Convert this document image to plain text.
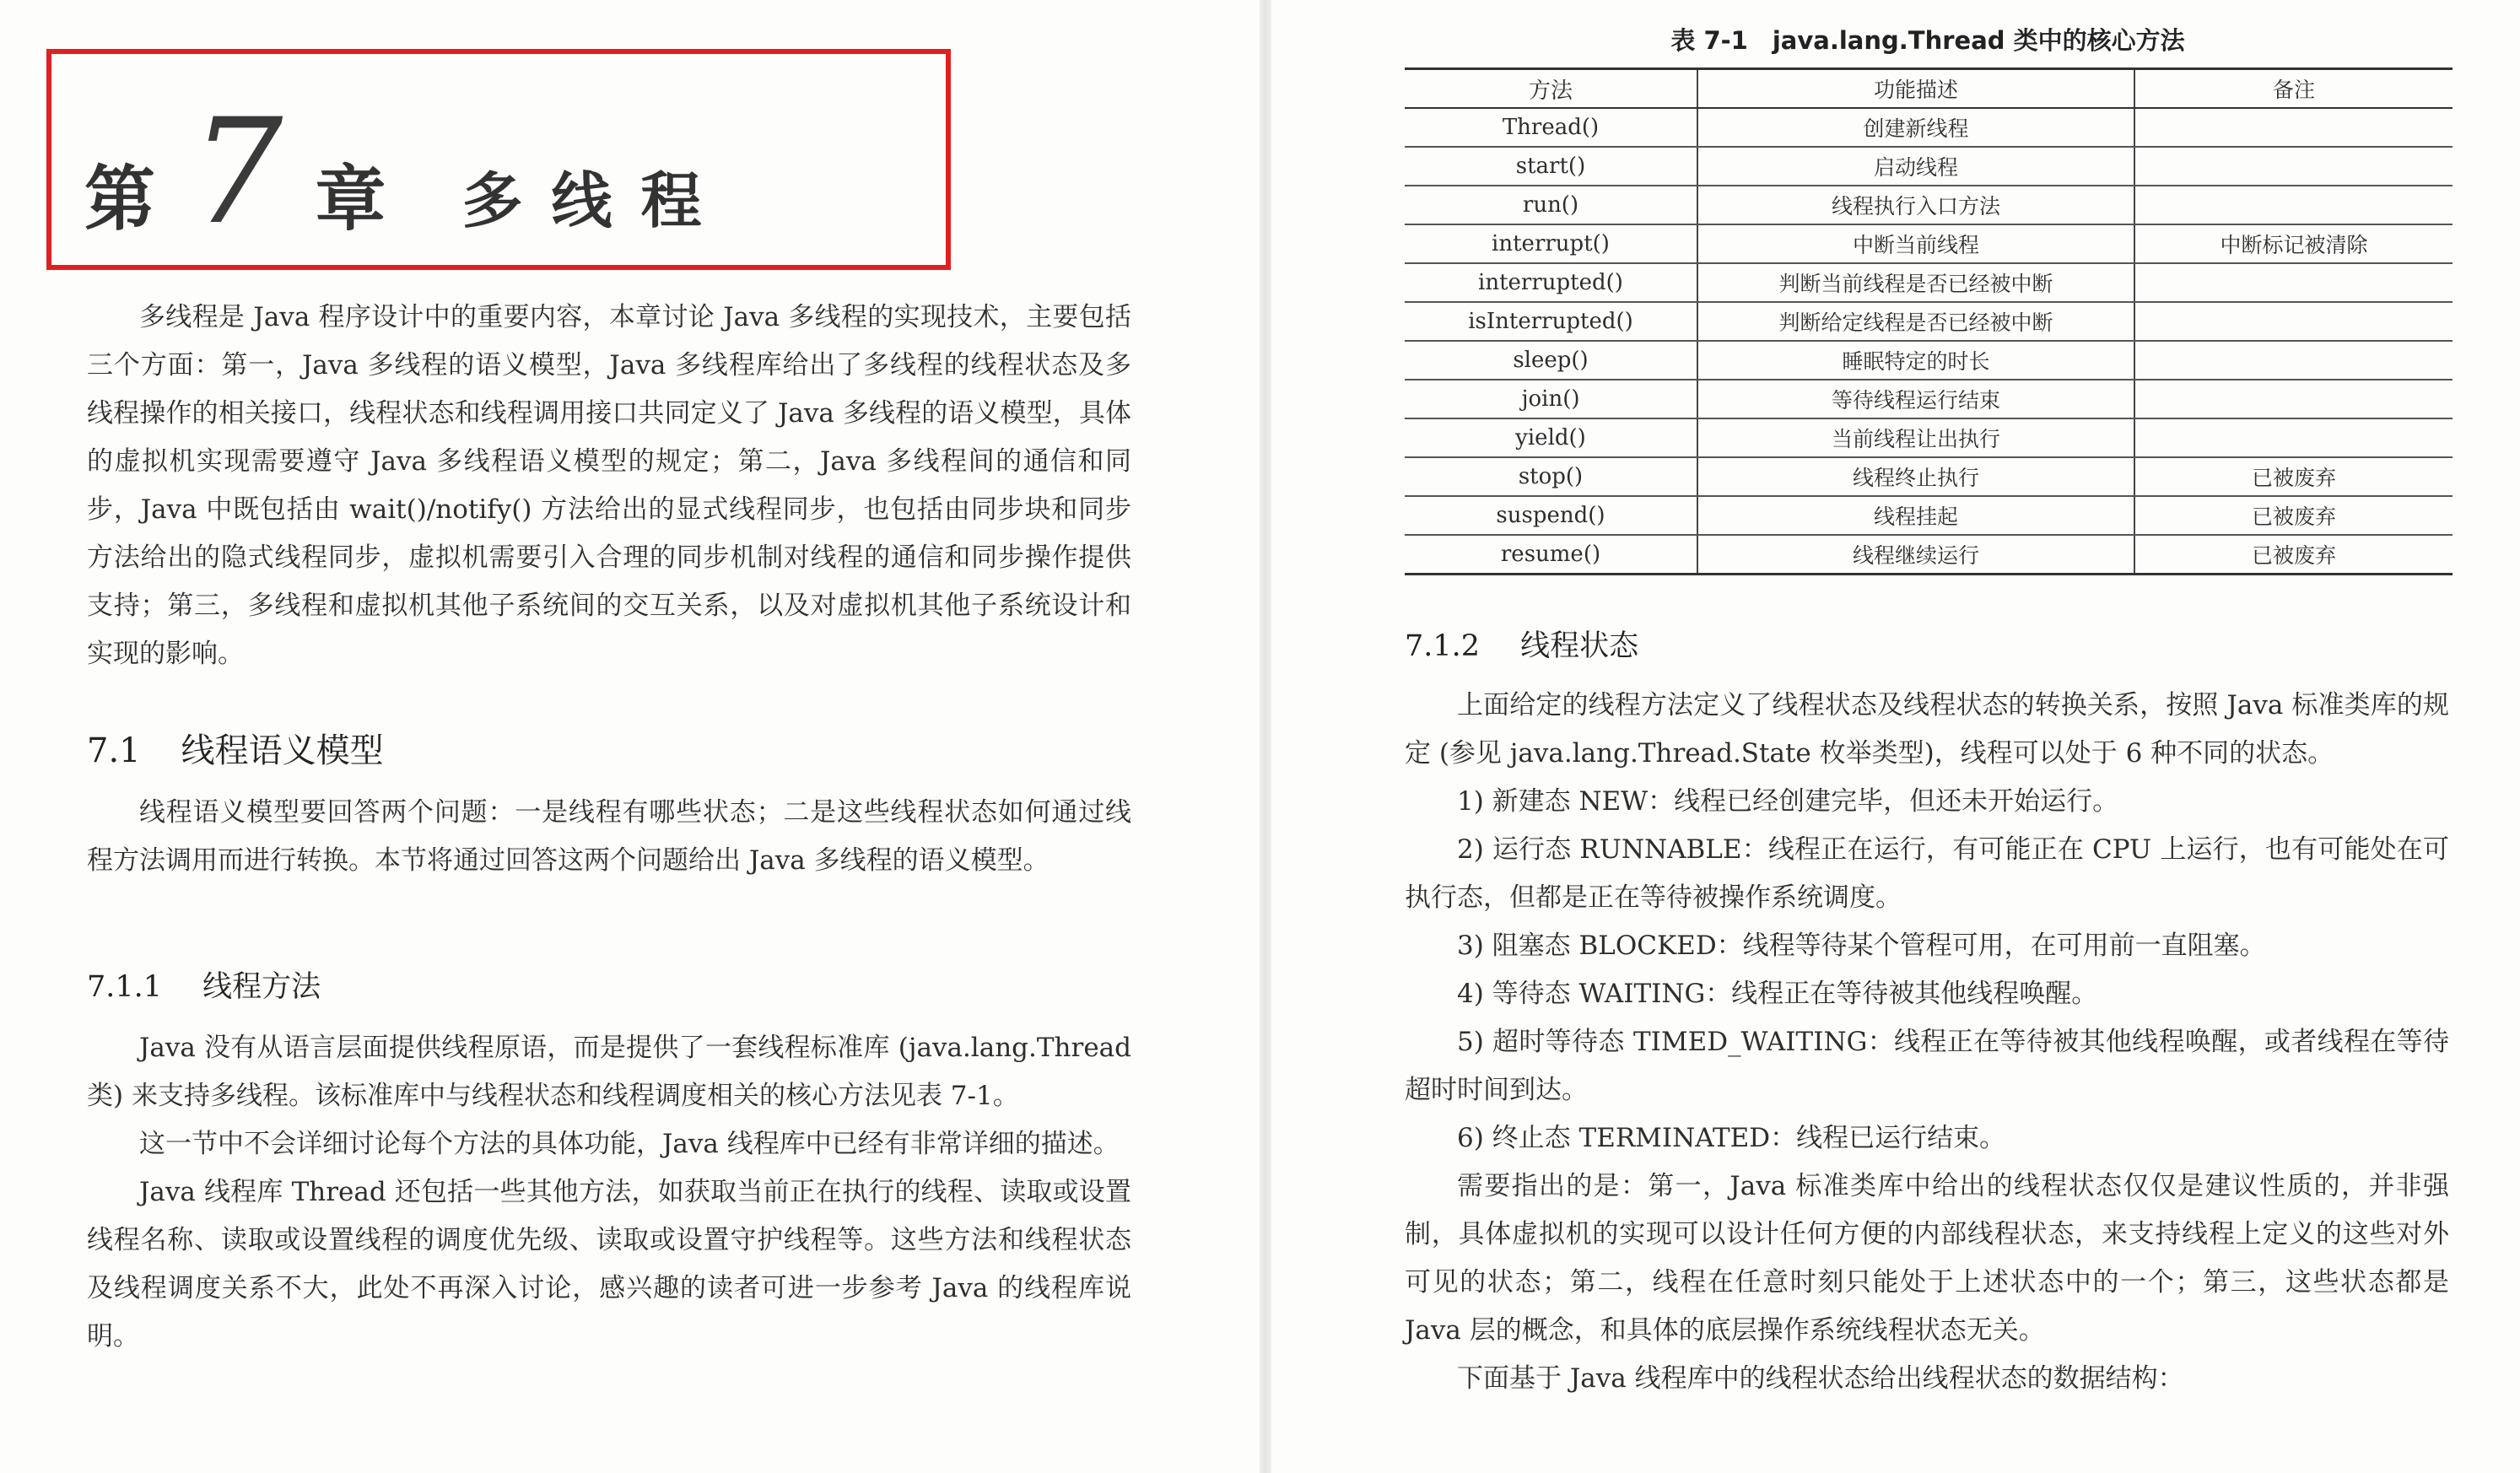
第 7 章 多线程

多线程是 Java 程序设计中的重要内容，本章讨论 Java 多线程的实现技术，主要包括三个方面：第一，Java 多线程的语义模型，Java 多线程库给出了多线程的线程状态及多线程操作的相关接口，线程状态和线程调用接口共同定义了 Java 多线程的语义模型，具体的虚拟机实现需要遵守 Java 多线程语义模型的规定；第二，Java 多线程间的通信和同步，Java 中既包括由 wait()/notify() 方法给出的显式线程同步，也包括由同步块和同步方法给出的隐式线程同步，虚拟机需要引入合理的同步机制对线程的通信和同步操作提供支持；第三，多线程和虚拟机其他子系统间的交互关系，以及对虚拟机其他子系统设计和实现的影响。

7.1 线程语义模型

线程语义模型要回答两个问题：一是线程有哪些状态；二是这些线程状态如何通过线程方法调用而进行转换。本节将通过回答这两个问题给出 Java 多线程的语义模型。

7.1.1 线程方法

Java 没有从语言层面提供线程原语，而是提供了一套线程标准库 (java.lang.Thread 类) 来支持多线程。该标准库中与线程状态和线程调度相关的核心方法见表 7-1。

这一节中不会详细讨论每个方法的具体功能，Java 线程库中已经有非常详细的描述。

Java 线程库 Thread 还包括一些其他方法，如获取当前正在执行的线程、读取或设置线程名称、读取或设置线程的调度优先级、读取或设置守护线程等。这些方法和线程状态及线程调度关系不大，此处不再深入讨论，感兴趣的读者可进一步参考 Java 的线程库说明。

表 7-1　java.lang.Thread 类中的核心方法
方法	功能描述	备注
Thread()	创建新线程	
start()	启动线程	
run()	线程执行入口方法	
interrupt()	中断当前线程	中断标记被清除
interrupted()	判断当前线程是否已经被中断	
isInterrupted()	判断给定线程是否已经被中断	
sleep()	睡眠特定的时长	
join()	等待线程运行结束	
yield()	当前线程让出执行	
stop()	线程终止执行	已被废弃
suspend()	线程挂起	已被废弃
resume()	线程继续运行	已被废弃
7.1.2 线程状态

上面给定的线程方法定义了线程状态及线程状态的转换关系，按照 Java 标准类库的规定 (参见 java.lang.Thread.State 枚举类型)，线程可以处于 6 种不同的状态。

1) 新建态 NEW：线程已经创建完毕，但还未开始运行。

2) 运行态 RUNNABLE：线程正在运行，有可能正在 CPU 上运行，也有可能处在可执行态，但都是正在等待被操作系统调度。

3) 阻塞态 BLOCKED：线程等待某个管程可用，在可用前一直阻塞。

4) 等待态 WAITING：线程正在等待被其他线程唤醒。

5) 超时等待态 TIMED_WAITING：线程正在等待被其他线程唤醒，或者线程在等待超时时间到达。

6) 终止态 TERMINATED：线程已运行结束。

需要指出的是：第一，Java 标准类库中给出的线程状态仅仅是建议性质的，并非强制，具体虚拟机的实现可以设计任何方便的内部线程状态，来支持线程上定义的这些对外可见的状态；第二，线程在任意时刻只能处于上述状态中的一个；第三，这些状态都是 Java 层的概念，和具体的底层操作系统线程状态无关。

下面基于 Java 线程库中的线程状态给出线程状态的数据结构：
